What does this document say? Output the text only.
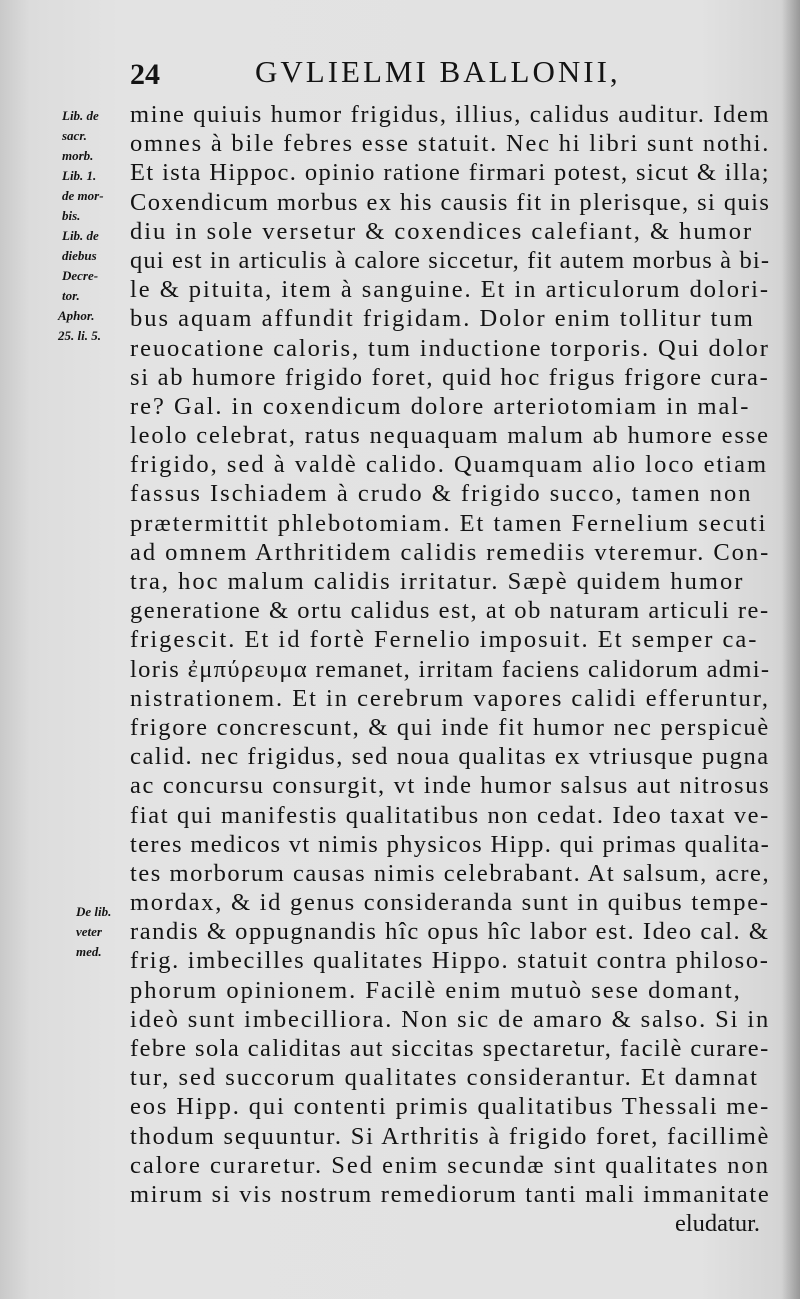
24	GVLIELMI BALLONII,
Lib. de
sacr.
morb.
Lib. 1.
de mor-
bis.
Lib. de
diebus
Decre-
tor.
Aphor.
25. li. 5.
De lib.
veter
med.
mine quiuis humor frigidus, illius, calidus auditur. Idem
omnes à bile febres esse statuit. Nec hi libri sunt nothi.
Et ista Hippoc. opinio ratione firmari potest, sicut & illa;
Coxendicum morbus ex his causis fit in plerisque, si quis
diu in sole versetur & coxendices calefiant, & humor
qui est in articulis à calore siccetur, fit autem morbus à bi-
le & pituita, item à sanguine. Et in articulorum dolori-
bus aquam affundit frigidam. Dolor enim tollitur tum
reuocatione caloris, tum inductione torporis. Qui dolor
si ab humore frigido foret, quid hoc frigus frigore cura-
re? Gal. in coxendicum dolore arteriotomiam in mal-
leolo celebrat, ratus nequaquam malum ab humore esse
frigido, sed à valdè calido. Quamquam alio loco etiam
fassus Ischiadem à crudo & frigido succo, tamen non
prætermittit phlebotomiam. Et tamen Fernelium secuti
ad omnem Arthritidem calidis remediis vteremur. Con-
tra, hoc malum calidis irritatur. Sæpè quidem humor
generatione & ortu calidus est, at ob naturam articuli re-
frigescit. Et id fortè Fernelio imposuit. Et semper ca-
loris ἐμπύρευμα remanet, irritam faciens calidorum admi-
nistrationem. Et in cerebrum vapores calidi efferuntur,
frigore concrescunt, & qui inde fit humor nec perspicuè
calid. nec frigidus, sed noua qualitas ex vtriusque pugna
ac concursu consurgit, vt inde humor salsus aut nitrosus
fiat qui manifestis qualitatibus non cedat. Ideo taxat ve-
teres medicos vt nimis physicos Hipp. qui primas qualita-
tes morborum causas nimis celebrabant. At salsum, acre,
mordax, & id genus consideranda sunt in quibus tempe-
randis & oppugnandis hîc opus hîc labor est. Ideo cal. &
frig. imbecilles qualitates Hippo. statuit contra philoso-
phorum opinionem. Facilè enim mutuò sese domant,
ideò sunt imbecilliora. Non sic de amaro & salso. Si in
febre sola caliditas aut siccitas spectaretur, facilè curare-
tur, sed succorum qualitates considerantur. Et damnat
eos Hipp. qui contenti primis qualitatibus Thessali me-
thodum sequuntur. Si Arthritis à frigido foret, facillimè
calore curaretur. Sed enim secundæ sint qualitates non
mirum si vis nostrum remediorum tanti mali immanitate
eludatur.
